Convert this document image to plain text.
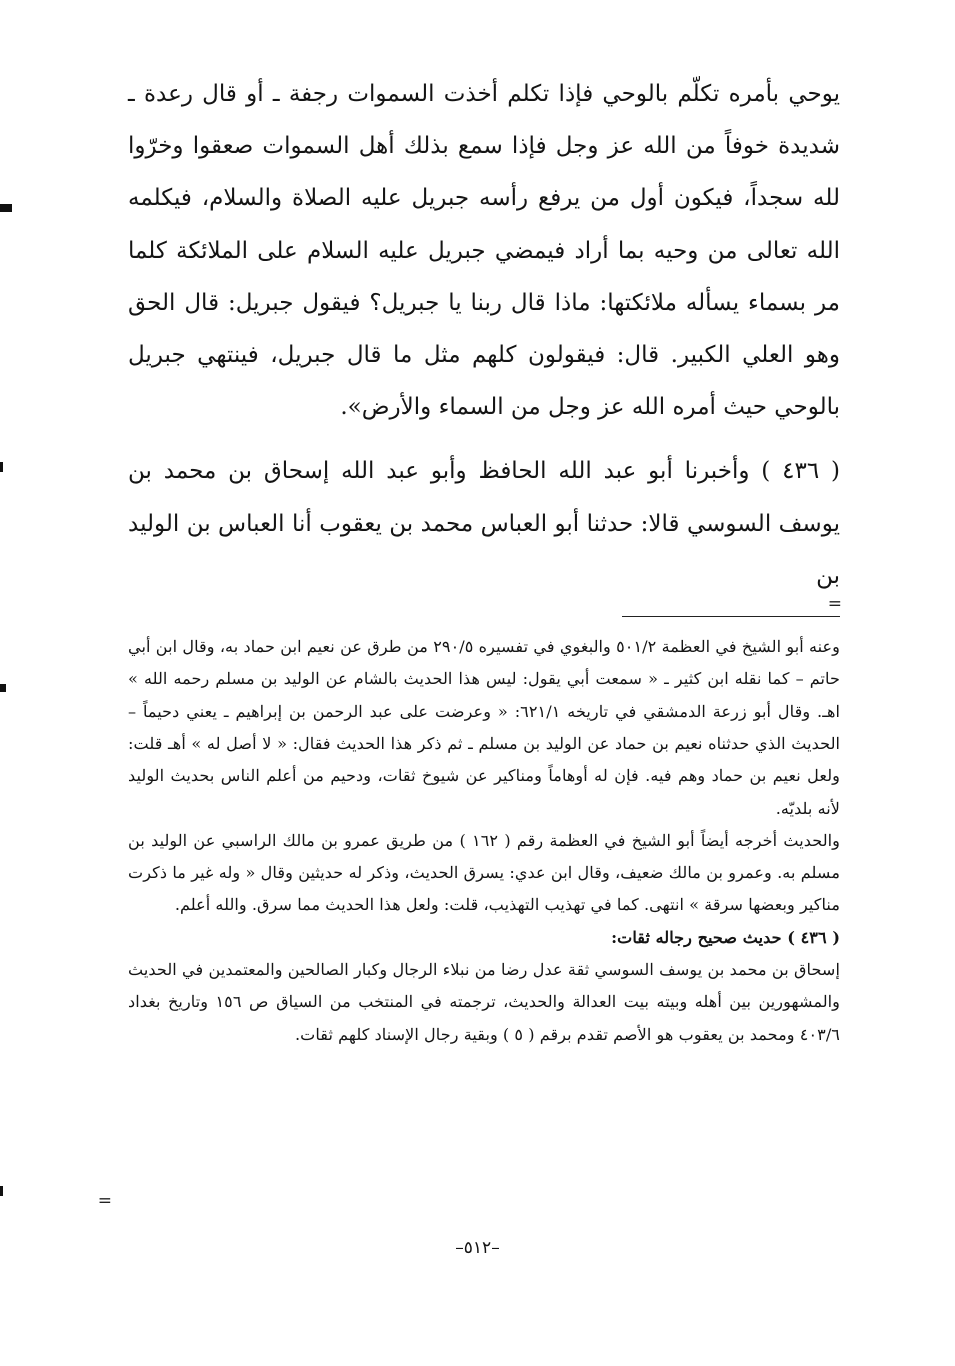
يوحي بأمره تكلّم بالوحي فإذا تكلم أخذت السموات رجفة ـ أو قال رعدة ـ شديدة خوفاً من الله عز وجل فإذا سمع بذلك أهل السموات صعقوا وخرّوا لله سجداً، فيكون أول من يرفع رأسه جبريل عليه الصلاة والسلام، فيكلمه الله تعالى من وحيه بما أراد فيمضي جبريل عليه السلام على الملائكة كلما مر بسماء يسأله ملائكتها: ماذا قال ربنا يا جبريل؟ فيقول جبريل: قال الحق وهو العلي الكبير. قال: فيقولون كلهم مثل ما قال جبريل، فينتهي جبريل بالوحي حيث أمره الله عز وجل من السماء والأرض».

( ٤٣٦ ) وأخبرنا أبو عبد الله الحافظ وأبو عبد الله إسحاق بن محمد بن يوسف السوسي قالا: حدثنا أبو العباس محمد بن يعقوب أنا العباس بن الوليد بن

وعنه أبو الشيخ في العظمة ٥٠١/٢ والبغوي في تفسيره ٢٩٠/٥ من طرق عن نعيم ابن حماد به، وقال ابن أبي حاتم – كما نقله ابن كثير ـ « سمعت أبي يقول: ليس هذا الحديث بالشام عن الوليد بن مسلم رحمه الله » اهـ. وقال أبو زرعة الدمشقي في تاريخه ٦٢١/١: « وعرضت على عبد الرحمن بن إبراهيم ـ يعني دحيماً – الحديث الذي حدثناه نعيم بن حماد عن الوليد بن مسلم ـ ثم ذكر هذا الحديث فقال: « لا أصل له » أهـ قلت: ولعل نعيم بن حماد وهم فيه. فإن له أوهاماً ومناكير عن شيوخ ثقات، ودحيم من أعلم الناس بحديث الوليد لأنه بلديّه.

والحديث أخرجه أيضاً أبو الشيخ في العظمة رقم ( ١٦٢ ) من طريق عمرو بن مالك الراسبي عن الوليد بن مسلم به. وعمرو بن مالك ضعيف، وقال ابن عدي: يسرق الحديث، وذكر له حديثين وقال « وله غير ما ذكرت مناكير وبعضها سرقة » انتهى. كما في تهذيب التهذيب، قلت: ولعل هذا الحديث مما سرق. والله أعلم.

( ٤٣٦ ) حديث صحيح رجاله ثقات:

إسحاق بن محمد بن يوسف السوسي ثقة عدل رضا من نبلاء الرجال وكبار الصالحين والمعتمدين في الحديث والمشهورين بين أهله وبيته بيت العدالة والحديث، ترجمته في المنتخب من السياق ص ١٥٦ وتاريخ بغداد ٤٠٣/٦ ومحمد بن يعقوب هو الأصم تقدم برقم ( ٥ ) وبقية رجال الإسناد كلهم ثقات.

=
=
–٥١٢–
